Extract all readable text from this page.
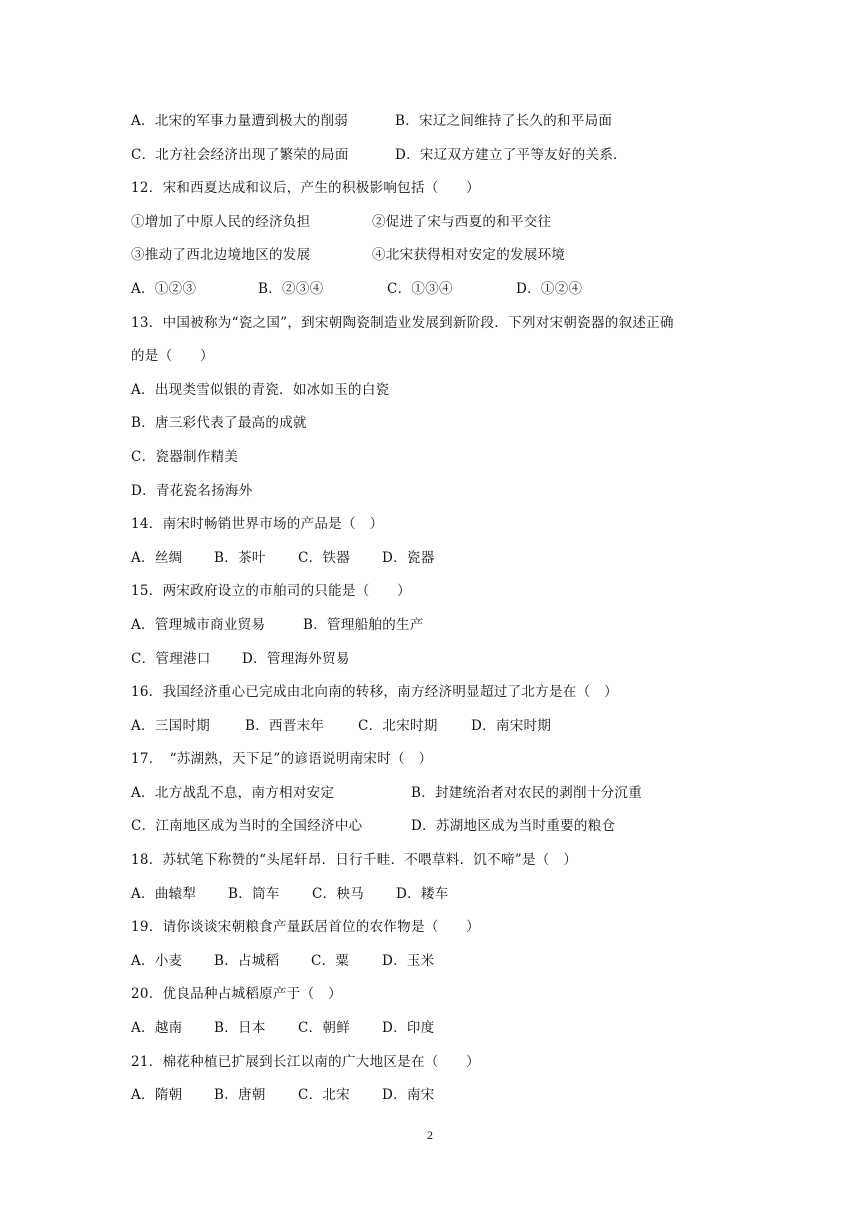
A．北宋的军事力量遭到极大的削弱	B．宋辽之间维持了长久的和平局面
C．北方社会经济出现了繁荣的局面	D．宋辽双方建立了平等友好的关系．
12．宋和西夏达成和议后，产生的积极影响包括（　　）
①增加了中原人民的经济负担	②促进了宋与西夏的和平交往
③推动了西北边境地区的发展	④北宋获得相对安定的发展环境
A．①②③	B．②③④	C．①③④	D．①②④
13．中国被称为“瓷之国”，到宋朝陶瓷制造业发展到新阶段．下列对宋朝瓷器的叙述正确
的是（　　）
A．出现类雪似银的青瓷．如冰如玉的白瓷
B．唐三彩代表了最高的成就
C．瓷器制作精美
D．青花瓷名扬海外
14．南宋时畅销世界市场的产品是（　）
A．丝绸	B．茶叶	C．铁器	D．瓷器
15．两宋政府设立的市舶司的只能是（　　）
A．管理城市商业贸易	B．管理船舶的生产
C．管理港口	D．管理海外贸易
16．我国经济重心已完成由北向南的转移，南方经济明显超过了北方是在（　）
A．三国时期	B．西晋末年	C．北宋时期	D．南宋时期
17．　“苏湖熟，天下足”的谚语说明南宋时（　）
A．北方战乱不息，南方相对安定	B．封建统治者对农民的剥削十分沉重
C．江南地区成为当时的全国经济中心	D．苏湖地区成为当时重要的粮仓
18．苏轼笔下称赞的“头尾轩昂．日行千畦．不喂草料．饥不啼”是（　）
A．曲辕犁	B．筒车	C．秧马	D．耧车
19．请你谈谈宋朝粮食产量跃居首位的农作物是（　　）
A．小麦	B．占城稻	C．粟	D．玉米
20．优良品种占城稻原产于（　）
A．越南	B．日本	C．朝鲜	D．印度
21．棉花种植已扩展到长江以南的广大地区是在（　　）
A．隋朝	B．唐朝	C．北宋	D．南宋
2
